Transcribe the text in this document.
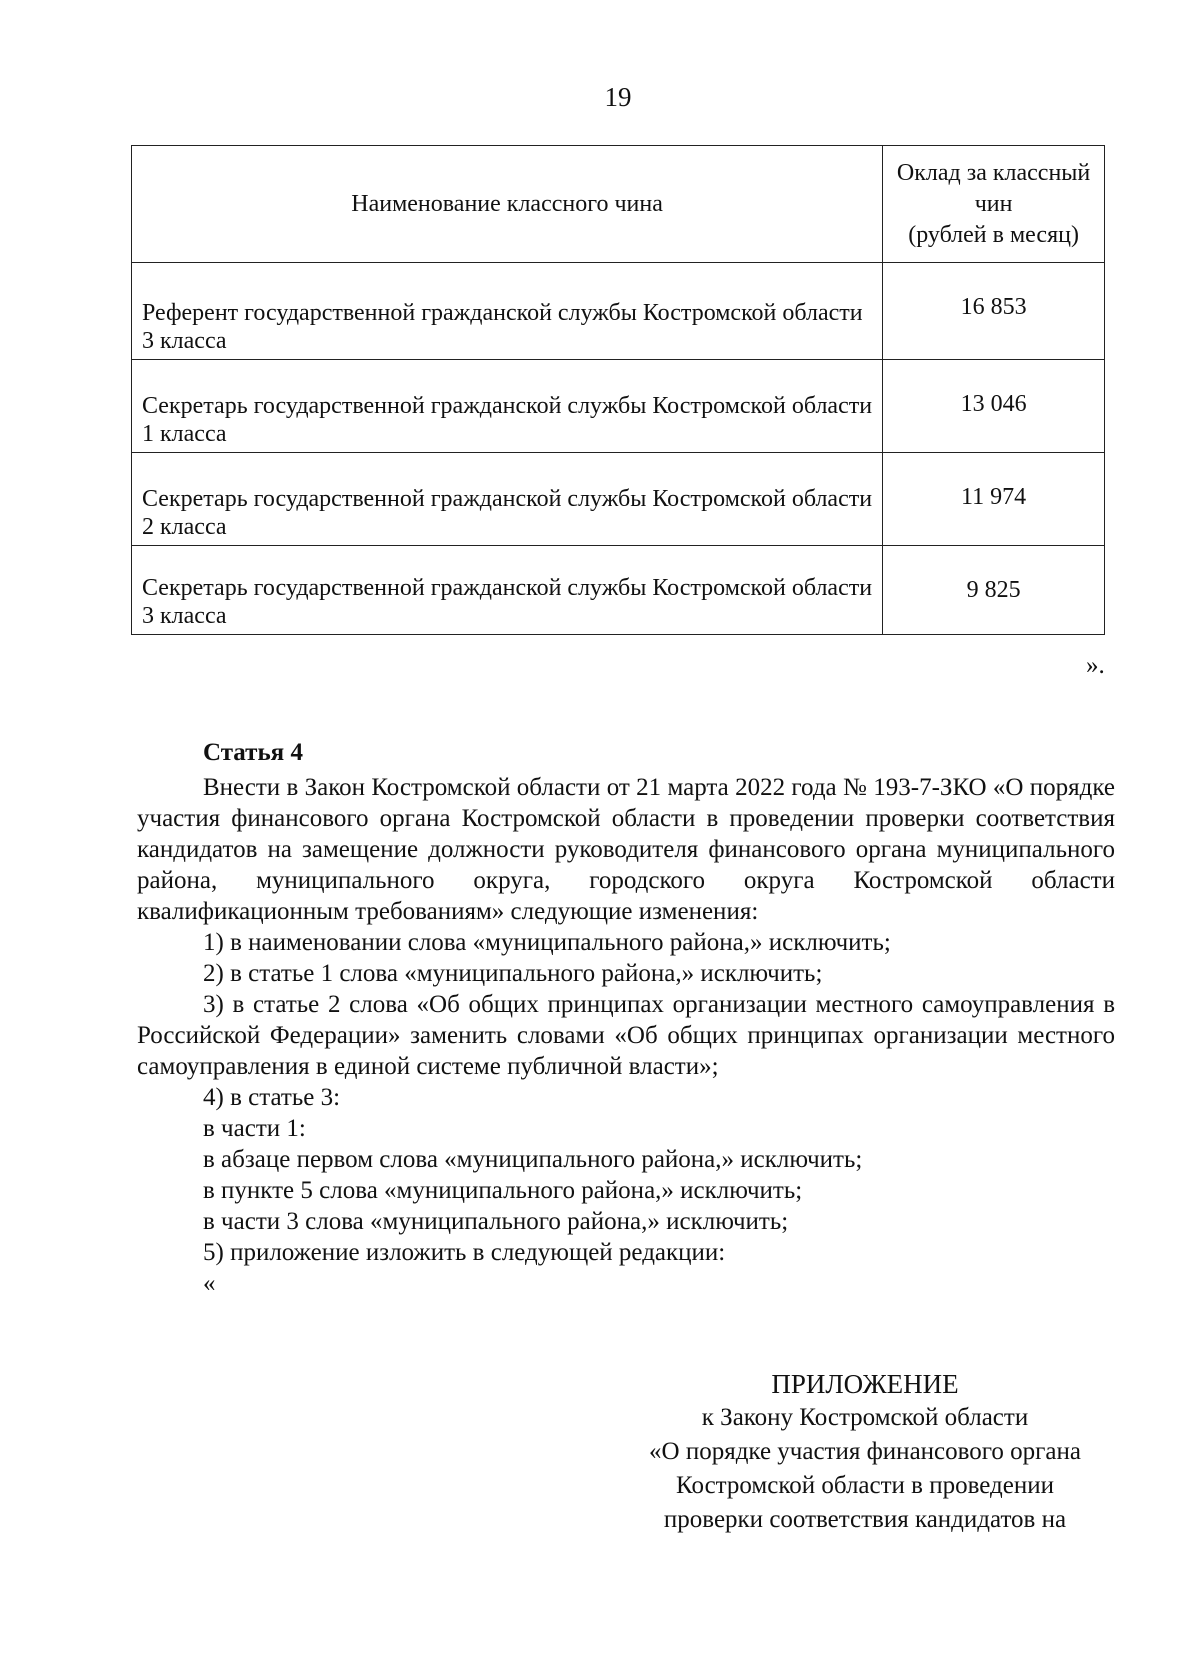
19
Наименование классного чина	Оклад за классный
чин
(рублей в месяц)

Референт государственной гражданской службы Костромской области 3 класса	16 853

Секретарь государственной гражданской службы Костромской области 1 класса	13 046

Секретарь государственной гражданской службы Костромской области 2 класса	11 974

Секретарь государственной гражданской службы Костромской области 3 класса	9 825
».
Статья 4

Внести в Закон Костромской области от 21 марта 2022 года № 193-7-ЗКО «О порядке участия финансового органа Костромской области в проведении проверки соответствия кандидатов на замещение должности руководителя финансового органа муниципального района, муниципального округа, городского округа Костромской области квалификационным требованиям» следующие изменения:

1) в наименовании слова «муниципального района,» исключить;

2) в статье 1 слова «муниципального района,» исключить;

3) в статье 2 слова «Об общих принципах организации местного самоуправления в Российской Федерации» заменить словами «Об общих принципах организации местного самоуправления в единой системе публичной власти»;

4) в статье 3:

в части 1:

в абзаце первом слова «муниципального района,» исключить;

в пункте 5 слова «муниципального района,» исключить;

в части 3 слова «муниципального района,» исключить;

5) приложение изложить в следующей редакции:

«

ПРИЛОЖЕНИЕ
к Закону Костромской области
«О порядке участия финансового органа
Костромской области в проведении
проверки соответствия кандидатов на
